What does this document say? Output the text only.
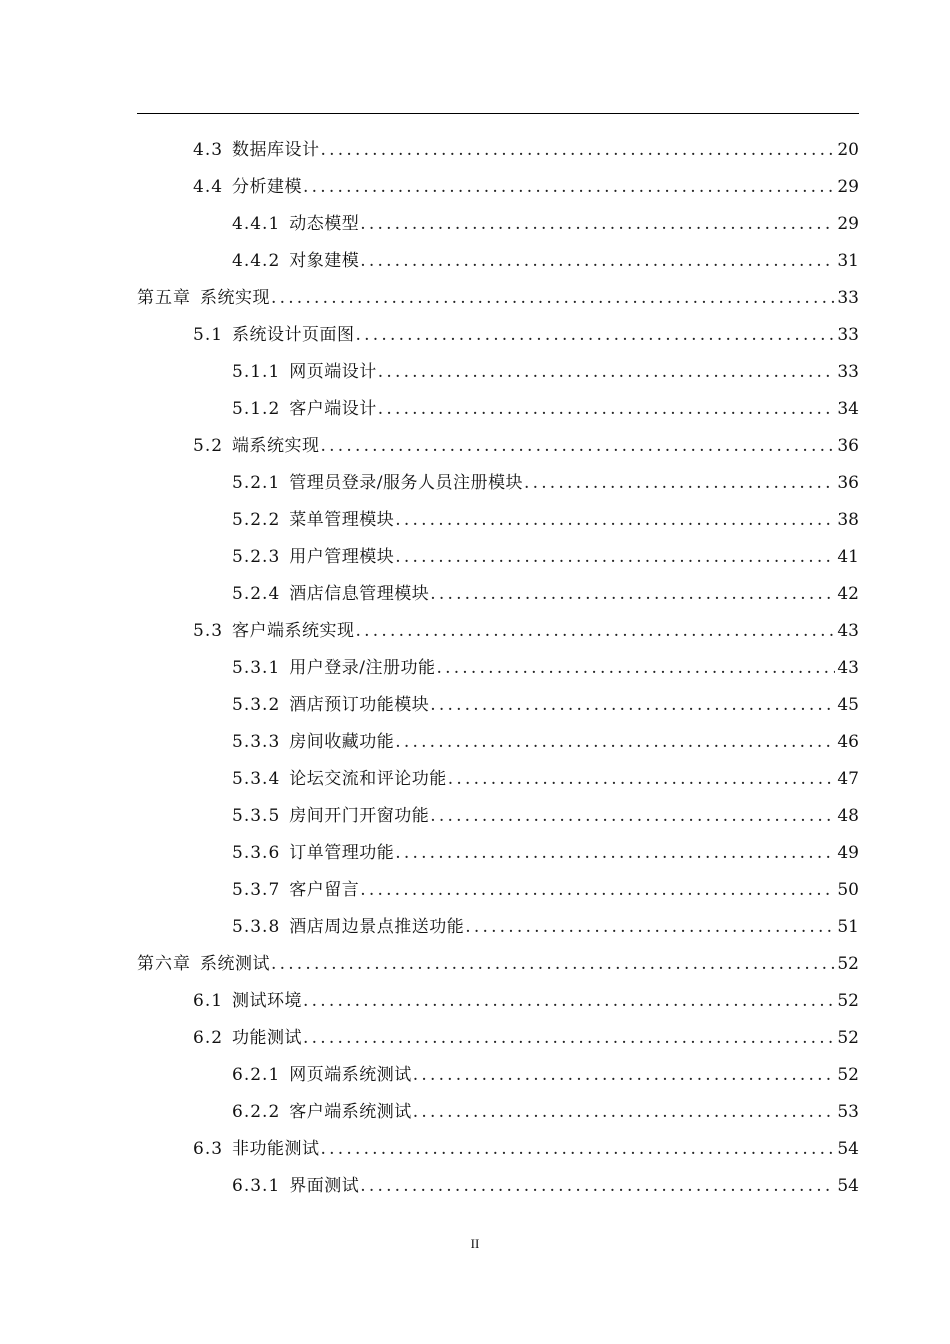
4.3 数据库设计 .....	20
4.4 分析建模 .....	29
4.4.1 动态模型 .....	29
4.4.2 对象建模 .....	31
第五章 系统实现 .....	33
5.1 系统设计页面图 .....	33
5.1.1 网页端设计 .....	33
5.1.2 客户端设计 .....	34
5.2 端系统实现 .....	36
5.2.1 管理员登录/服务人员注册模块 .....	36
5.2.2 菜单管理模块 .....	38
5.2.3 用户管理模块 .....	41
5.2.4 酒店信息管理模块 .....	42
5.3 客户端系统实现 .....	43
5.3.1 用户登录/注册功能 .....	43
5.3.2 酒店预订功能模块 .....	45
5.3.3 房间收藏功能 .....	46
5.3.4 论坛交流和评论功能 .....	47
5.3.5 房间开门开窗功能 .....	48
5.3.6 订单管理功能 .....	49
5.3.7 客户留言 .....	50
5.3.8 酒店周边景点推送功能 .....	51
第六章 系统测试 .....	52
6.1 测试环境 .....	52
6.2 功能测试 .....	52
6.2.1 网页端系统测试 .....	52
6.2.2 客户端系统测试 .....	53
6.3 非功能测试 .....	54
6.3.1 界面测试 .....	54
II
